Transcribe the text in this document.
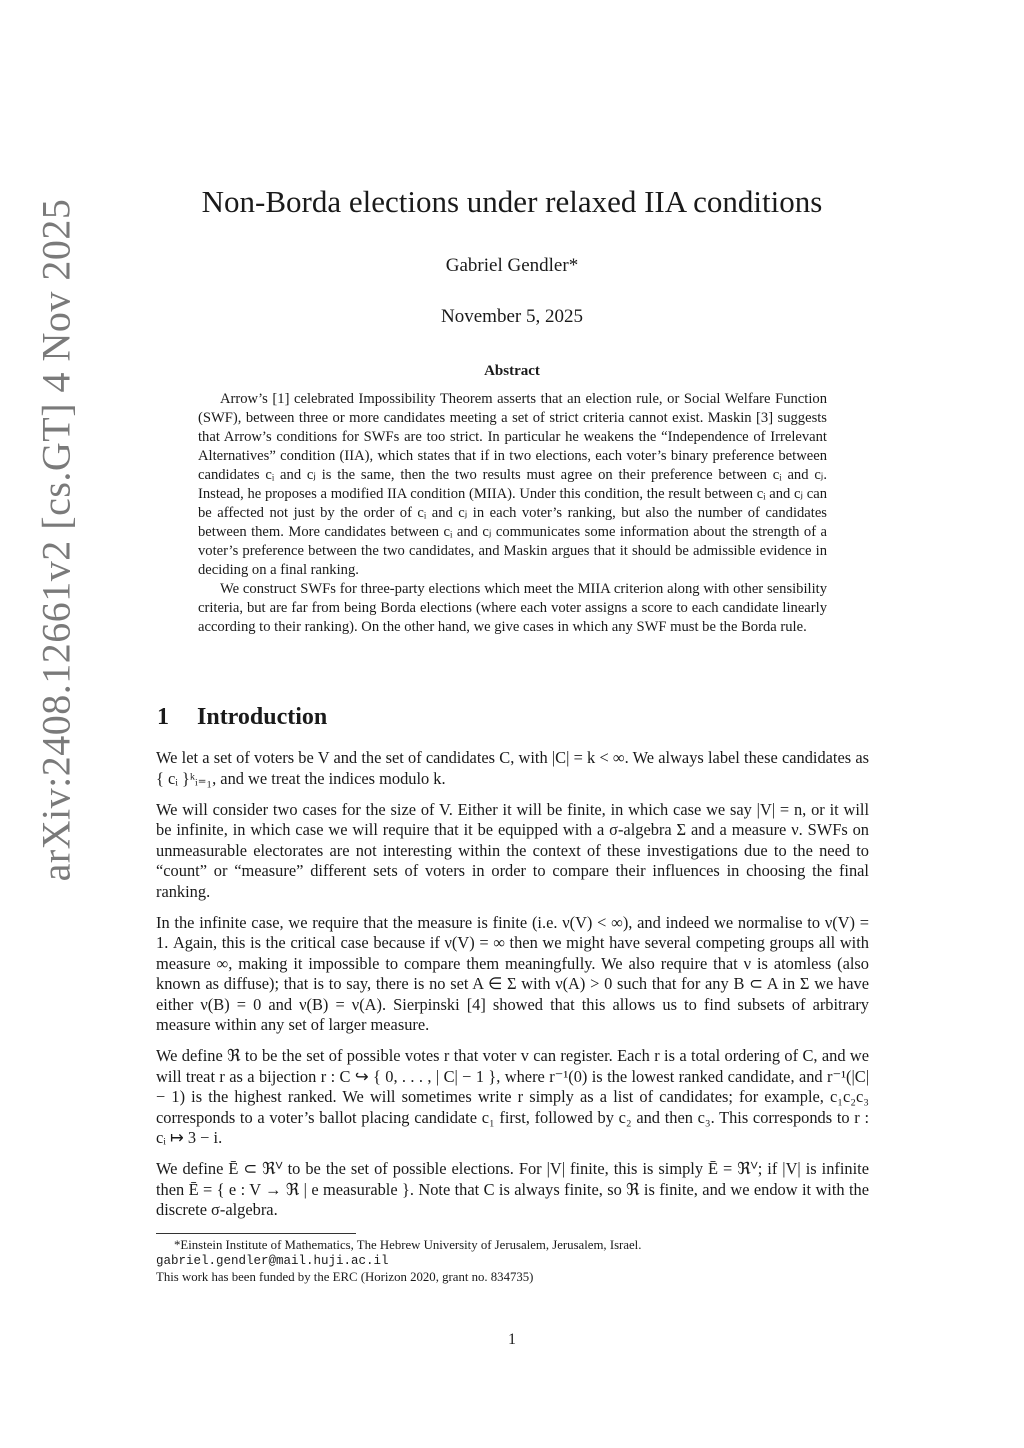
arXiv:2408.12661v2 [cs.GT] 4 Nov 2025	Non-Borda elections under relaxed IIA conditions
Gabriel Gendler*
November 5, 2025
Abstract

Arrow’s [1] celebrated Impossibility Theorem asserts that an election rule, or Social Welfare Function (SWF), between three or more candidates meeting a set of strict criteria cannot exist. Maskin [3] suggests that Arrow’s conditions for SWFs are too strict. In particular he weakens the “Independence of Irrelevant Alternatives” condition (IIA), which states that if in two elections, each voter’s binary preference between candidates cᵢ and cⱼ is the same, then the two results must agree on their preference between cᵢ and cⱼ. Instead, he proposes a modified IIA condition (MIIA). Under this condition, the result between cᵢ and cⱼ can be affected not just by the order of cᵢ and cⱼ in each voter’s ranking, but also the number of candidates between them. More candidates between cᵢ and cⱼ communicates some information about the strength of a voter’s preference between the two candidates, and Maskin argues that it should be admissible evidence in deciding on a final ranking.

We construct SWFs for three-party elections which meet the MIIA criterion along with other sensibility criteria, but are far from being Borda elections (where each voter assigns a score to each candidate linearly according to their ranking). On the other hand, we give cases in which any SWF must be the Borda rule.

1 Introduction

We let a set of voters be V and the set of candidates C, with |C| = k < ∞. We always label these candidates as { cᵢ }ᵏᵢ₌₁, and we treat the indices modulo k.

We will consider two cases for the size of V. Either it will be finite, in which case we say |V| = n, or it will be infinite, in which case we will require that it be equipped with a σ-algebra Σ and a measure ν. SWFs on unmeasurable electorates are not interesting within the context of these investigations due to the need to “count” or “measure” different sets of voters in order to compare their influences in choosing the final ranking.

In the infinite case, we require that the measure is finite (i.e. ν(V) < ∞), and indeed we normalise to ν(V) = 1. Again, this is the critical case because if ν(V) = ∞ then we might have several competing groups all with measure ∞, making it impossible to compare them meaningfully. We also require that ν is atomless (also known as diffuse); that is to say, there is no set A ∈ Σ with ν(A) > 0 such that for any B ⊂ A in Σ we have either ν(B) = 0 and ν(B) = ν(A). Sierpinski [4] showed that this allows us to find subsets of arbitrary measure within any set of larger measure.

We define ℜ to be the set of possible votes r that voter v can register. Each r is a total ordering of C, and we will treat r as a bijection r : C ↪ { 0, . . . , | C| − 1 }, where r⁻¹(0) is the lowest ranked candidate, and r⁻¹(|C| − 1) is the highest ranked. We will sometimes write r simply as a list of candidates; for example, c₁c₂c₃ corresponds to a voter’s ballot placing candidate c₁ first, followed by c₂ and then c₃. This corresponds to r : cᵢ ↦ 3 − i.

We define Ē ⊂ ℜⱽ to be the set of possible elections. For |V| finite, this is simply Ē = ℜⱽ; if |V| is infinite then Ē = { e : V → ℜ | e measurable }. Note that C is always finite, so ℜ is finite, and we endow it with the discrete σ-algebra.

*Einstein Institute of Mathematics, The Hebrew University of Jerusalem, Jerusalem, Israel.
gabriel.gendler@mail.huji.ac.il
This work has been funded by the ERC (Horizon 2020, grant no. 834735)
1
